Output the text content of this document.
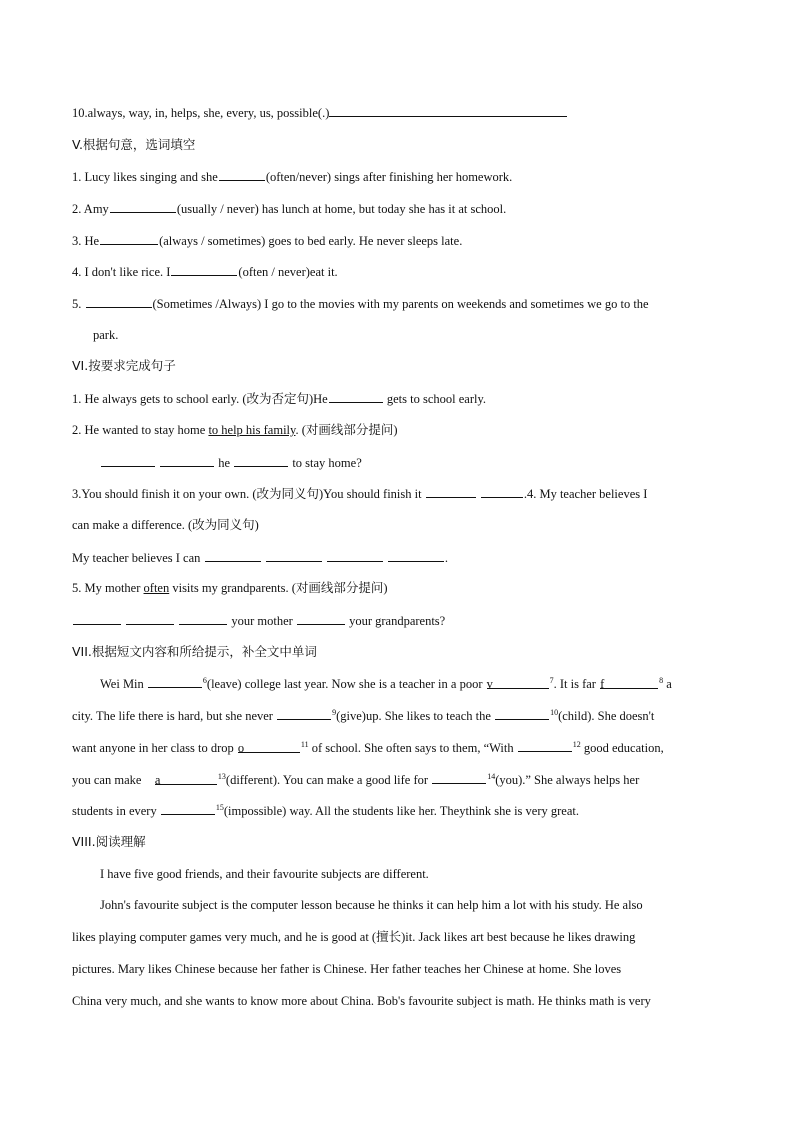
10.always, way, in, helps, she, every, us, possible(.)
V.根据句意，选词填空
1. Lucy likes singing and she	(often/never) sings after finishing her homework.
2. Amy	(usually / never) has lunch at home, but today she has it at school.
3. He	(always / sometimes) goes to bed early. He never sleeps late.
4. I don't like rice. I	(often / never)eat it.
5.	(Sometimes /Always) I go to the movies with my parents on weekends and sometimes we go to the
park.
VI.按要求完成句子
1. He always gets to school early. (改为否定句)He	gets to school early.
2. He wanted to stay home to help his family. (对画线部分提问)
he	to stay home?
3.You should finish it on your own. (改为同义句)You should finish it	.4. My teacher believes I
can make a difference. (改为同义句)
My teacher believes I can	.
5. My mother often visits my grandparents. (对画线部分提问)
your mother	your grandparents?
VII.根据短文内容和所给提示，补全文中单词
Wei Min	$^6$(leave) college last year. Now she is a teacher in a poor v	$^7$. It is far f	$^8$ a
city. The life there is hard, but she never	$^9$(give)up. She likes to teach the	$^{10}$(child). She doesn't
want anyone in her class to drop o	$^{11}$ of school. She often says to them, “With	$^{12}$ good education,
you can make    a	$^{13}$(different). You can make a good life for	$^{14}$(you).” She always helps her
students in every	$^{15}$(impossible) way. All the students like her. Theythink she is very great.
VIII.阅读理解
I have five good friends, and their favourite subjects are different.
John's favourite subject is the computer lesson because he thinks it can help him a lot with his study. He also
likes playing computer games very much, and he is good at (擅长)it. Jack likes art best because he likes drawing
pictures. Mary likes Chinese because her father is Chinese. Her father teaches her Chinese at home. She loves
China very much, and she wants to know more about China. Bob's favourite subject is math. He thinks math is very
